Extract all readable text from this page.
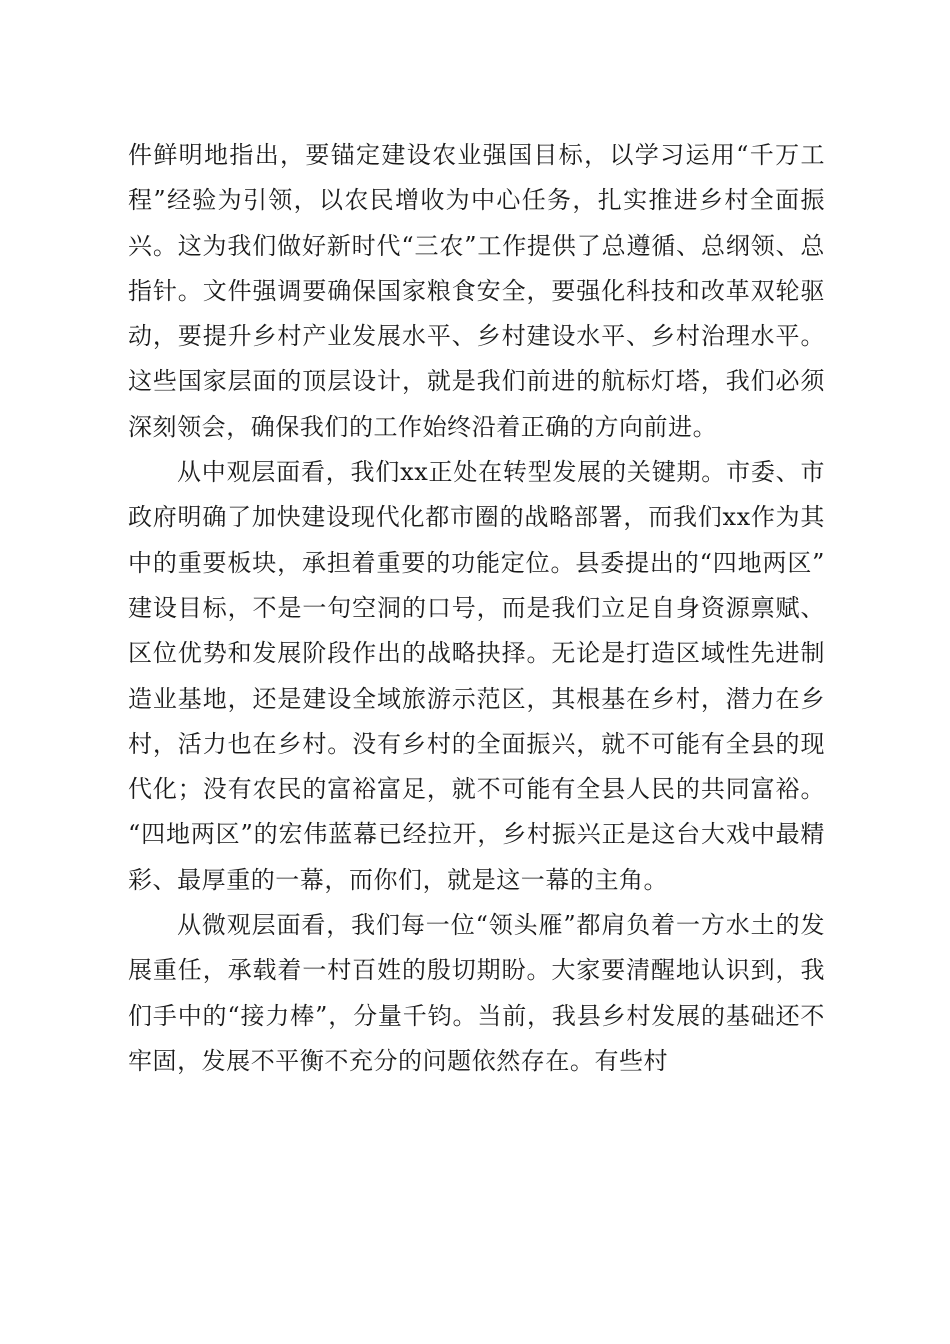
件鲜明地指出，要锚定建设农业强国目标，以学习运用“千万工程”经验为引领，以农民增收为中心任务，扎实推进乡村全面振兴。这为我们做好新时代“三农”工作提供了总遵循、总纲领、总指针。文件强调要确保国家粮食安全，要强化科技和改革双轮驱动，要提升乡村产业发展水平、乡村建设水平、乡村治理水平。这些国家层面的顶层设计，就是我们前进的航标灯塔，我们必须深刻领会，确保我们的工作始终沿着正确的方向前进。

从中观层面看，我们xx正处在转型发展的关键期。市委、市政府明确了加快建设现代化都市圈的战略部署，而我们xx作为其中的重要板块，承担着重要的功能定位。县委提出的“四地两区”建设目标，不是一句空洞的口号，而是我们立足自身资源禀赋、区位优势和发展阶段作出的战略抉择。无论是打造区域性先进制造业基地，还是建设全域旅游示范区，其根基在乡村，潜力在乡村，活力也在乡村。没有乡村的全面振兴，就不可能有全县的现代化；没有农民的富裕富足，就不可能有全县人民的共同富裕。“四地两区”的宏伟蓝幕已经拉开，乡村振兴正是这台大戏中最精彩、最厚重的一幕，而你们，就是这一幕的主角。

从微观层面看，我们每一位“领头雁”都肩负着一方水土的发展重任，承载着一村百姓的殷切期盼。大家要清醒地认识到，我们手中的“接力棒”，分量千钧。当前，我县乡村发展的基础还不牢固，发展不平衡不充分的问题依然存在。有些村
